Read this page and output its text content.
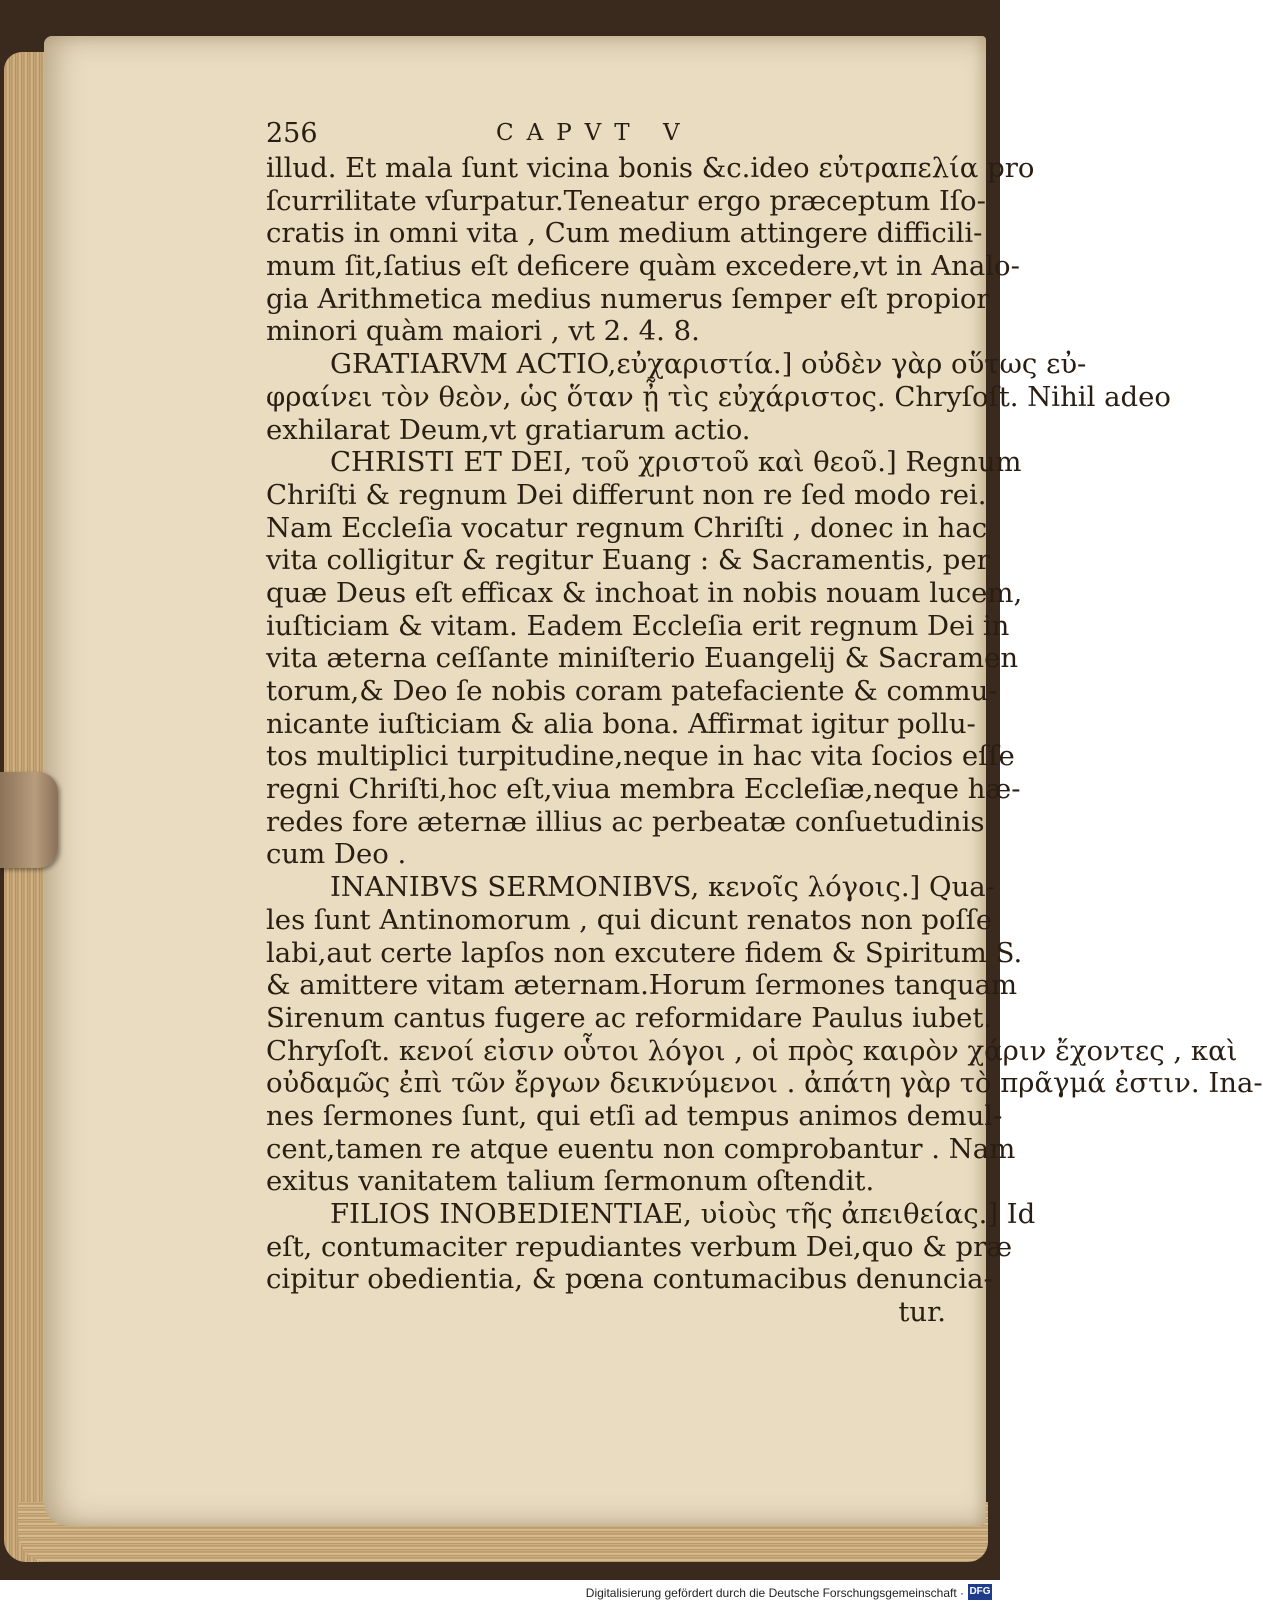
256	CAPVT V
illud. Et mala ſunt vicina bonis &c.ideo εὐτραπελία pro
ſcurrilitate vſurpatur.Teneatur ergo præceptum Iſo-
cratis in omni vita , Cum medium attingere difficili-
mum ſit,ſatius eſt deficere quàm excedere,vt in Analo-
gia Arithmetica medius numerus ſemper eſt propior
minori quàm maiori , vt 2. 4. 8.
GRATIARVM ACTIO,εὐχαριστία.] οὐδὲν γὰρ οὕτως εὐ-
φραίνει τὸν θεὸν, ὡς ὅταν ᾖ τὶς εὐχάριστος. Chryſoſt. Nihil adeo
exhilarat Deum,vt gratiarum actio.
CHRISTI ET DEI, τοῦ χριστοῦ καὶ θεοῦ.] Regnum
Chriſti & regnum Dei differunt non re ſed modo rei.
Nam Eccleſia vocatur regnum Chriſti , donec in hac
vita colligitur & regitur Euang : & Sacramentis, per
quæ Deus eſt efficax & inchoat in nobis nouam lucem,
iuſticiam & vitam. Eadem Eccleſia erit regnum Dei in
vita æterna ceſſante miniſterio Euangelij & Sacramen
torum,& Deo ſe nobis coram patefaciente & commu-
nicante iuſticiam & alia bona. Affirmat igitur pollu-
tos multiplici turpitudine,neque in hac vita ſocios eſſe
regni Chriſti,hoc eſt,viua membra Eccleſiæ,neque hæ-
redes fore æternæ illius ac perbeatæ conſuetudinis
cum Deo .
INANIBVS SERMONIBVS, κενοῖς λόγοις.] Qua-
les ſunt Antinomorum , qui dicunt renatos non poſſe
labi,aut certe lapſos non excutere fidem & Spiritum S.
& amittere vitam æternam.Horum ſermones tanquam
Sirenum cantus fugere ac reformidare Paulus iubet.
Chryſoſt. κενοί εἰσιν οὗτοι λόγοι , οἱ πρὸς καιρὸν χάριν ἔχοντες , καὶ
οὐδαμῶς ἐπὶ τῶν ἔργων δεικνύμενοι . ἀπάτη γὰρ τὸ πρᾶγμά ἐστιν. Ina-
nes ſermones ſunt, qui etſi ad tempus animos demul-
cent,tamen re atque euentu non comprobantur . Nam
exitus vanitatem talium ſermonum oſtendit.
FILIOS INOBEDIENTIAE, υἱοὺς τῆς ἀπειθείας.] Id
eſt, contumaciter repudiantes verbum Dei,quo & præ
cipitur obedientia, & pœna contumacibus denuncia-
tur.
Digitalisierung gefördert durch die Deutsche Forschungsgemeinschaft · DFG
